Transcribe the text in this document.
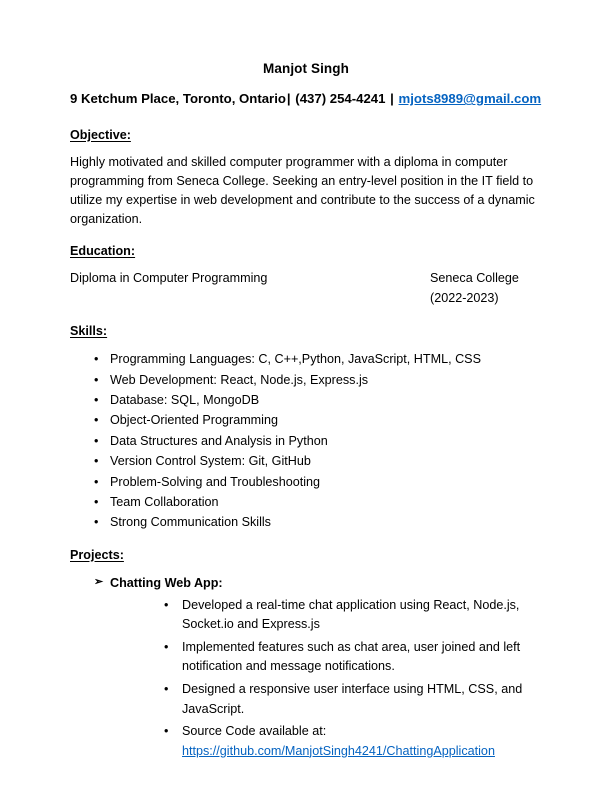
Manjot Singh
9 Ketchum Place, Toronto, Ontario| (437) 254-4241 | mjots8989@gmail.com
Objective:

Highly motivated and skilled computer programmer with a diploma in computer programming from Seneca College. Seeking an entry-level position in the IT field to utilize my expertise in web development and contribute to the success of a dynamic organization.

Education:
Diploma in Computer Programming	Seneca College
(2022-2023)
Skills:
• Programming Languages: C, C++,Python, JavaScript, HTML, CSS
• Web Development: React, Node.js, Express.js
• Database: SQL, MongoDB
• Object-Oriented Programming
• Data Structures and Analysis in Python
• Version Control System: Git, GitHub
• Problem-Solving and Troubleshooting
• Team Collaboration
• Strong Communication Skills
Projects:
➢ Chatting Web App:
• Developed a real-time chat application using React, Node.js, Socket.io and Express.js
• Implemented features such as chat area, user joined and left notification and message notifications.
• Designed a responsive user interface using HTML, CSS, and JavaScript.
• Source Code available at:
https://github.com/ManjotSingh4241/ChattingApplication
